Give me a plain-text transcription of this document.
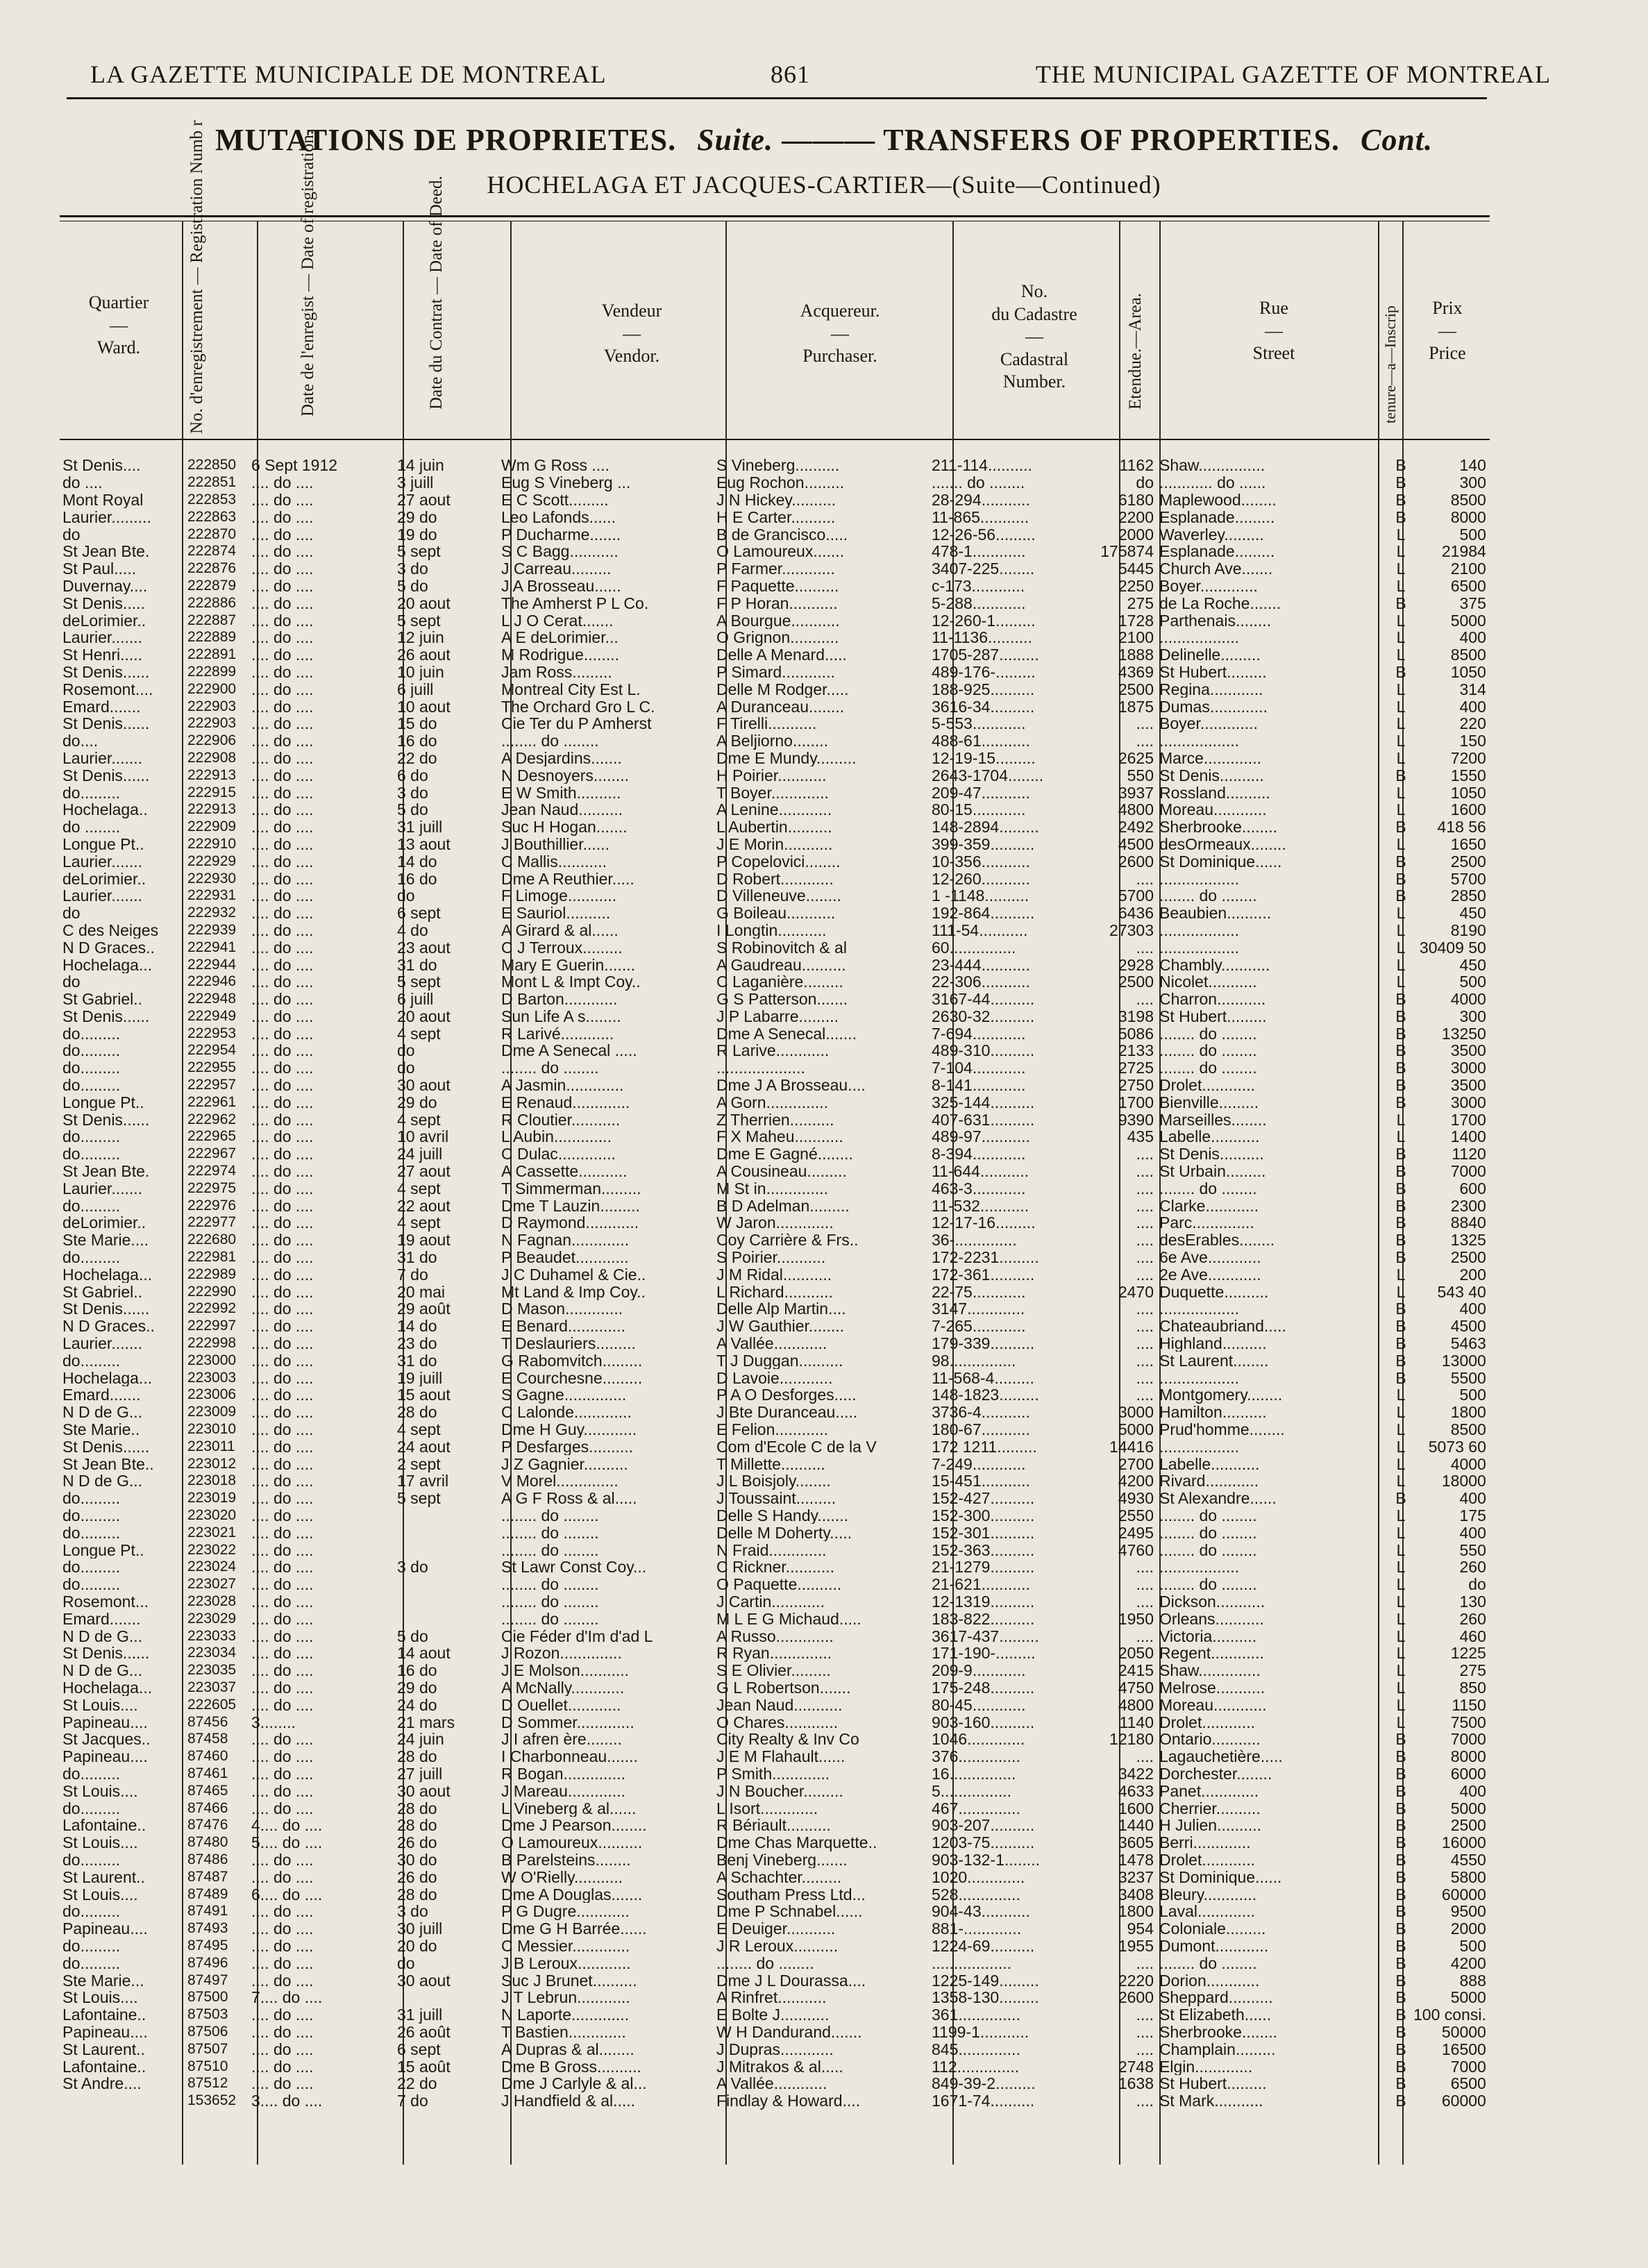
LA GAZETTE MUNICIPALE DE MONTREAL	861	THE MUNICIPAL GAZETTE OF MONTREAL
MUTATIONS DE PROPRIETES. Suite. ——— TRANSFERS OF PROPERTIES. Cont.
HOCHELAGA ET JACQUES-CARTIER—(Suite—Continued)
Quartier
—
Ward.	No. d'enregistrement — Registration Numb r	Date de l'enregist — Date of registration.	Date du Contrat — Date of Deed.	Vendeur
—
Vendor.
Acquereur.
—
Purchaser.
No.
du Cadastre
—
Cadastral
Number.	Etendue.—Area.	Rue
—
Street	tenure—a—Inscrip	Prix
—
Price
St Denis....	222850	6 Sept 1912	14 juin	Wm G Ross ....	S Vineberg..........	211-114..........	1162	Shaw...............	B	140
do ....	222851	.... do ....	3 juill	Eug S Vineberg ...	Eug Rochon.........	....... do ........	do	............ do ......	B	300
Mont Royal	222853	.... do ....	27 aout	E C Scott.........	J N Hickey..........	28-294...........	6180	Maplewood........	B	8500
Laurier.........	222863	.... do ....	29 do	Leo Lafonds......	H E Carter..........	11-865...........	2200	Esplanade.........	B	8000
do	222870	.... do ....	19 do	P Ducharme.......	B de Grancisco.....	12-26-56.........	2000	Waverley.........	L	500
St Jean Bte.	222874	.... do ....	5 sept	S C Bagg...........	O Lamoureux.......	478-1............	175874	Esplanade.........	L	21984
St Paul.....	222876	.... do ....	3 do	J Carreau.........	P Farmer............	3407-225........	5445	Church Ave.......	L	2100
Duvernay....	222879	.... do ....	5 do	J A Brosseau......	F Paquette..........	c-173............	2250	Boyer.............	L	6500
St Denis.....	222886	.... do ....	20 aout	The Amherst P L Co.	F P Horan...........	5-288............	275	de La Roche.......	B	375
deLorimier..	222887	.... do ....	5 sept	L J O Cerat.......	A Bourgue...........	12-260-1.........	1728	Parthenais........	L	5000
Laurier.......	222889	.... do ....	12 juin	A E deLorimier...	O Grignon...........	11-1136..........	2100	..................	L	400
St Henri.....	222891	.... do ....	26 aout	M Rodrigue........	Delle A Menard.....	1705-287.........	1888	Delinelle.........	L	8500
St Denis......	222899	.... do ....	10 juin	Jam Ross.........	P Simard............	489-176-.........	4369	St Hubert.........	B	1050
Rosemont....	222900	.... do ....	6 juill	Montreal City Est L.	Delle M Rodger.....	188-925..........	2500	Regina............	L	314
Emard.......	222903	.... do ....	10 aout	The Orchard Gro L C.	A Duranceau........	3616-34..........	1875	Dumas.............	L	400
St Denis......	222903	.... do ....	15 do	Cie Ter du P Amherst	F Tirelli...........	5-553............	....	Boyer.............	L	220
do....	222906	.... do ....	16 do	........ do ........	A Beljiorno........	488-61...........	....	..................	L	150
Laurier.......	222908	.... do ....	22 do	A Desjardins.......	Dme E Mundy.........	12-19-15.........	2625	Marce.............	L	7200
St Denis......	222913	.... do ....	6 do	N Desnoyers........	H Poirier...........	2643-1704........	550	St Denis..........	B	1550
do.........	222915	.... do ....	3 do	E W Smith..........	T Boyer.............	209-47...........	3937	Rossland..........	L	1050
Hochelaga..	222913	.... do ....	5 do	Jean Naud..........	A Lenine............	80-15............	4800	Moreau............	L	1600
do ........	222909	.... do ....	31 juill	Suc H Hogan.......	L Aubertin..........	148-2894.........	2492	Sherbrooke........	B	418 56
Longue Pt..	222910	.... do ....	13 aout	J Bouthillier......	J E Morin...........	399-359..........	4500	desOrmeaux........	L	1650
Laurier.......	222929	.... do ....	14 do	C Mallis...........	P Copelovici........	10-356...........	2600	St Dominique......	B	2500
deLorimier..	222930	.... do ....	16 do	Dme A Reuthier.....	D Robert............	12-260...........	....	..................	B	5700
Laurier.......	222931	.... do ....	do	F Limoge...........	D Villeneuve........	1 -1148..........	5700	........ do ........	B	2850
do	222932	.... do ....	6 sept	E Sauriol..........	G Boileau...........	192-864..........	6436	Beaubien..........	L	450
C des Neiges	222939	.... do ....	4 do	A Girard & al......	I Longtin...........	111-54...........	27303	..................	L	8190
N D Graces..	222941	.... do ....	23 aout	C J Terroux.........	S Robinovitch & al	60...............	....	..................	L	30409 50
Hochelaga...	222944	.... do ....	31 do	Mary E Guerin.......	A Gaudreau..........	23-444...........	2928	Chambly...........	L	450
do	222946	.... do ....	5 sept	Mont L & Impt Coy..	C Laganière.........	22-306...........	2500	Nicolet...........	L	500
St Gabriel..	222948	.... do ....	6 juill	D Barton............	G S Patterson.......	3167-44..........	....	Charron...........	B	4000
St Denis......	222949	.... do ....	20 aout	Sun Life A s........	J P Labarre.........	2630-32..........	3198	St Hubert.........	B	300
do.........	222953	.... do ....	4 sept	R Larivé............	Dme A Senecal.......	7-694............	5086	........ do ........	B	13250
do.........	222954	.... do ....	do	Dme A Senecal .....	R Larive............	489-310..........	2133	........ do ........	B	3500
do.........	222955	.... do ....	do	........ do ........	....................	7-104............	2725	........ do ........	B	3000
do.........	222957	.... do ....	30 aout	A Jasmin.............	Dme J A Brosseau....	8-141............	2750	Drolet............	B	3500
Longue Pt..	222961	.... do ....	29 do	E Renaud.............	A Gorn..............	325-144..........	1700	Bienville.........	B	3000
St Denis......	222962	.... do ....	4 sept	R Cloutier...........	Z Therrien..........	407-631..........	9390	Marseilles........	L	1700
do.........	222965	.... do ....	10 avril	L Aubin.............	F X Maheu...........	489-97...........	435	Labelle...........	L	1400
do.........	222967	.... do ....	24 juill	C Dulac.............	Dme E Gagné........	8-394............	....	St Denis..........	B	1120
St Jean Bte.	222974	.... do ....	27 aout	A Cassette...........	A Cousineau.........	11-644...........	....	St Urbain.........	B	7000
Laurier.......	222975	.... do ....	4 sept	T Simmerman.........	M St in..............	463-3............	....	........ do ........	B	600
do.........	222976	.... do ....	22 aout	Dme T Lauzin.........	B D Adelman.........	11-532...........	....	Clarke............	B	2300
deLorimier..	222977	.... do ....	4 sept	D Raymond............	W Jaron.............	12-17-16.........	....	Parc..............	B	8840
Ste Marie....	222680	.... do ....	19 aout	N Fagnan.............	Coy Carrière & Frs..	36-..............	....	desErables........	B	1325
do.........	222981	.... do ....	31 do	P Beaudet............	S Poirier...........	172-2231.........	....	6e Ave............	B	2500
Hochelaga...	222989	.... do ....	7 do	J C Duhamel & Cie..	J M Ridal...........	172-361..........	....	2e Ave............	L	200
St Gabriel..	222990	.... do ....	20 mai	Mt Land & Imp Coy..	L Richard...........	22-75............	2470	Duquette..........	L	543 40
St Denis......	222992	.... do ....	29 août	D Mason.............	Delle Alp Martin....	3147.............	....	..................	B	400
N D Graces..	222997	.... do ....	14 do	E Benard.............	J W Gauthier........	7-265............	....	Chateaubriand.....	B	4500
Laurier.......	222998	.... do ....	23 do	T Deslauriers.........	A Vallée............	179-339..........	....	Highland..........	B	5463
do.........	223000	.... do ....	31 do	G Rabomvitch.........	T J Duggan..........	98...............	....	St Laurent........	B	13000
Hochelaga...	223003	.... do ....	19 juill	E Courchesne.........	D Lavoie............	11-568-4.........	....	..................	B	5500
Emard.......	223006	.... do ....	15 aout	S Gagne..............	P A O Desforges.....	148-1823.........	....	Montgomery........	L	500
N D de G...	223009	.... do ....	28 do	C Lalonde.............	J Bte Duranceau.....	3736-4...........	3000	Hamilton..........	L	1800
Ste Marie..	223010	.... do ....	4 sept	Dme H Guy............	E Felion............	180-67...........	5000	Prud'homme........	L	8500
St Denis......	223011	.... do ....	24 aout	P Desfarges..........	Com d'Ecole C de la V	172 1211.........	14416	..................	L	5073 60
St Jean Bte..	223012	.... do ....	2 sept	J Z Gagnier..........	T Millette..........	7-249............	2700	Labelle...........	L	4000
N D de G...	223018	.... do ....	17 avril	V Morel..............	J L Boisjoly........	15-451...........	4200	Rivard............	L	18000
do.........	223019	.... do ....	5 sept	A G F Ross & al.....	J Toussaint.........	152-427..........	4930	St Alexandre......	B	400
do.........	223020	.... do ....		........ do ........	Delle S Handy.......	152-300..........	2550	........ do ........	L	175
do.........	223021	.... do ....		........ do ........	Delle M Doherty.....	152-301..........	2495	........ do ........	L	400
Longue Pt..	223022	.... do ....		........ do ........	N Fraid.............	152-363..........	4760	........ do ........	L	550
do.........	223024	.... do ....	3 do	St Lawr Const Coy...	C Rickner...........	21-1279..........	....	..................	L	260
do.........	223027	.... do ....		........ do ........	O Paquette..........	21-621...........	....	........ do ........	L	do
Rosemont...	223028	.... do ....		........ do ........	J Cartin............	12-1319..........	....	Dickson...........	L	130
Emard.......	223029	.... do ....		........ do ........	M L E G Michaud.....	183-822..........	1950	Orleans...........	L	260
N D de G...	223033	.... do ....	5 do	Cie Féder d'Im d'ad L	A Russo.............	3617-437.........	....	Victoria..........	L	460
St Denis......	223034	.... do ....	14 aout	J Rozon..............	R Ryan..............	171-190-.........	2050	Regent............	L	1225
N D de G...	223035	.... do ....	16 do	J E Molson...........	S E Olivier.........	209-9............	2415	Shaw..............	L	275
Hochelaga...	223037	.... do ....	29 do	A McNally............	G L Robertson.......	175-248..........	4750	Melrose...........	L	850
St Louis....	222605	.... do ....	24 do	D Ouellet............	Jean Naud...........	80-45............	4800	Moreau............	L	1150
Papineau....	87456	3........	21 mars	D Sommer.............	O Chares............	903-160..........	1140	Drolet............	L	7500
St Jacques..	87458	.... do ....	24 juin	J I afren ère........	City Realty & Inv Co	1046.............	12180	Ontario...........	B	7000
Papineau....	87460	.... do ....	28 do	I Charbonneau.......	J E M Flahault......	376..............	....	Lagauchetière.....	B	8000
do.........	87461	.... do ....	27 juill	R Bogan..............	P Smith.............	16...............	3422	Dorchester........	B	6000
St Louis....	87465	.... do ....	30 aout	J Mareau.............	J N Boucher.........	5................	4633	Panet.............	B	400
do.........	87466	.... do ....	28 do	L Vineberg & al......	L Isort.............	467..............	1600	Cherrier..........	B	5000
Lafontaine..	87476	4.... do ....	28 do	Dme J Pearson........	R Bériault..........	903-207..........	1440	H Julien..........	B	2500
St Louis....	87480	5.... do ....	26 do	O Lamoureux..........	Dme Chas Marquette..	1203-75..........	3605	Berri.............	B	16000
do.........	87486	.... do ....	30 do	B Parelsteins........	Benj Vineberg.......	903-132-1........	1478	Drolet............	B	4550
St Laurent..	87487	.... do ....	26 do	W O'Rielly...........	A Schachter.........	1020.............	3237	St Dominique......	B	5800
St Louis....	87489	6.... do ....	28 do	Dme A Douglas.......	Southam Press Ltd...	528..............	3408	Bleury............	B	60000
do.........	87491	.... do ....	3 do	P G Dugre............	Dme P Schnabel......	904-43...........	1800	Laval.............	B	9500
Papineau....	87493	.... do ....	30 juill	Dme G H Barrée......	E Deuiger...........	881-.............	954	Coloniale.........	B	2000
do.........	87495	.... do ....	20 do	C Messier.............	J R Leroux..........	1224-69..........	1955	Dumont............	B	500
do.........	87496	.... do ....	do	J B Leroux............	........ do ........	..................	....	........ do ........	B	4200
Ste Marie...	87497	.... do ....	30 aout	Suc J Brunet..........	Dme J L Dourassa....	1225-149.........	2220	Dorion............	B	888
St Louis....	87500	7.... do ....		J T Lebrun............	A Rinfret...........	1358-130.........	2600	Sheppard..........	B	5000
Lafontaine..	87503	.... do ....	31 juill	N Laporte.............	E Bolte J...........	361..............	....	St Elizabeth......	B	100 consi.
Papineau....	87506	.... do ....	26 août	T Bastien.............	W H Dandurand.......	1199-1...........	....	Sherbrooke........	B	50000
St Laurent..	87507	.... do ....	6 sept	A Dupras & al........	J Dupras............	845..............	....	Champlain.........	B	16500
Lafontaine..	87510	.... do ....	15 août	Dme B Gross..........	J Mitrakos & al.....	112..............	2748	Elgin.............	B	7000
St Andre....	87512	.... do ....	22 do	Dme J Carlyle & al...	A Vallée............	849-39-2.........	1638	St Hubert.........	B	6500
	153652	3.... do ....	7 do	J Handfield & al.....	Findlay & Howard....	1671-74..........	....	St Mark...........	B	60000
